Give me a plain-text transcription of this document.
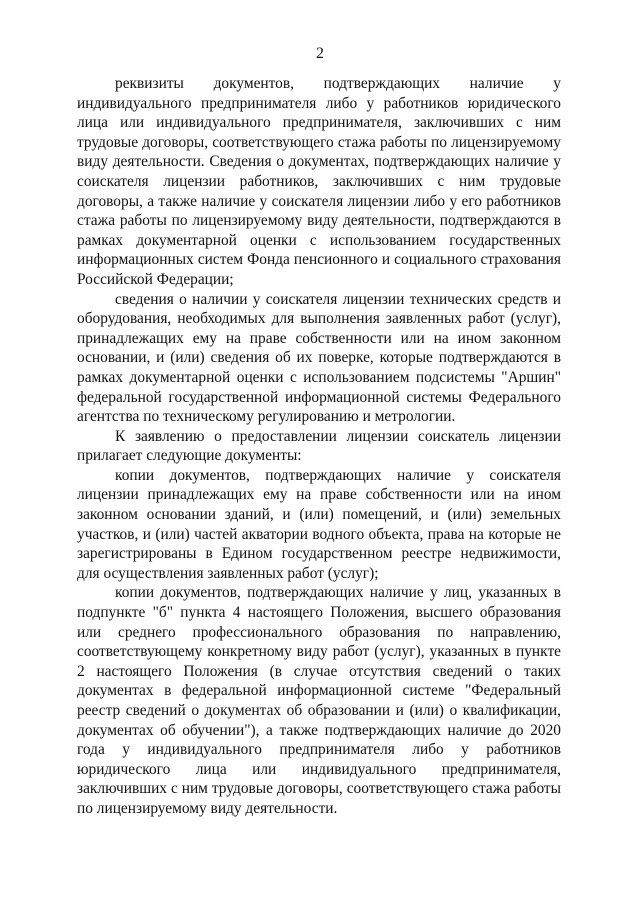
2

реквизиты документов, подтверждающих наличие у индивидуального предпринимателя либо у работников юридического лица или индивидуального предпринимателя, заключивших с ним трудовые договоры, соответствующего стажа работы по лицензируемому виду деятельности. Сведения о документах, подтверждающих наличие у соискателя лицензии работников, заключивших с ним трудовые договоры, а также наличие у соискателя лицензии либо у его работников стажа работы по лицензируемому виду деятельности, подтверждаются в рамках документарной оценки с использованием государственных информационных систем Фонда пенсионного и социального страхования Российской Федерации;

сведения о наличии у соискателя лицензии технических средств и оборудования, необходимых для выполнения заявленных работ (услуг), принадлежащих ему на праве собственности или на ином законном основании, и (или) сведения об их поверке, которые подтверждаются в рамках документарной оценки с использованием подсистемы "Аршин" федеральной государственной информационной системы Федерального агентства по техническому регулированию и метрологии.

К заявлению о предоставлении лицензии соискатель лицензии прилагает следующие документы:

копии документов, подтверждающих наличие у соискателя лицензии принадлежащих ему на праве собственности или на ином законном основании зданий, и (или) помещений, и (или) земельных участков, и (или) частей акватории водного объекта, права на которые не зарегистрированы в Едином государственном реестре недвижимости, для осуществления заявленных работ (услуг);

копии документов, подтверждающих наличие у лиц, указанных в подпункте "б" пункта 4 настоящего Положения, высшего образования или среднего профессионального образования по направлению, соответствующему конкретному виду работ (услуг), указанных в пункте 2 настоящего Положения (в случае отсутствия сведений о таких документах в федеральной информационной системе "Федеральный реестр сведений о документах об образовании и (или) о квалификации, документах об обучении"), а также подтверждающих наличие до 2020 года у индивидуального предпринимателя либо у работников юридического лица или индивидуального предпринимателя, заключивших с ним трудовые договоры, соответствующего стажа работы по лицензируемому виду деятельности.
